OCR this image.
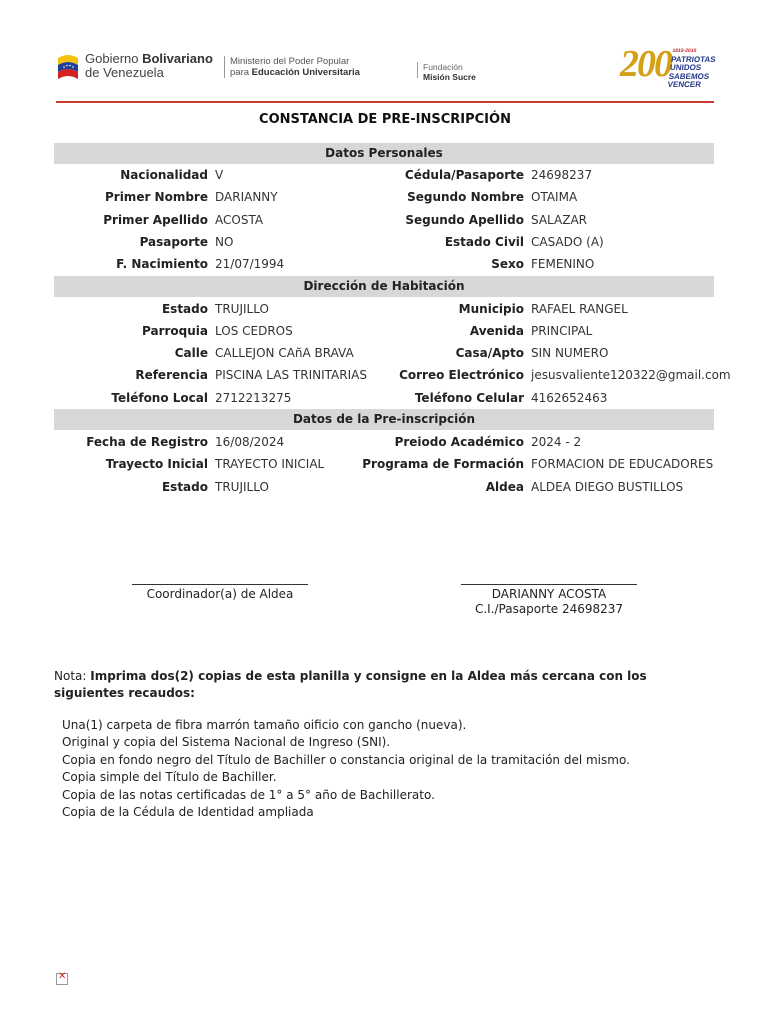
Gobierno Bolivariano
de Venezuela
Ministerio del Poder Popular
para Educación Universitaria	Fundación
Misión Sucre	200 1810-2010
PATRIOTAS UNIDOS
SABEMOS VENCER
CONSTANCIA DE PRE-INSCRIPCIÓN
Datos Personales
Nacionalidad V	Cédula/Pasaporte 24698237
Primer Nombre DARIANNY	Segundo Nombre OTAIMA
Primer Apellido ACOSTA	Segundo Apellido SALAZAR
Pasaporte NO	Estado Civil CASADO (A)
F. Nacimiento 21/07/1994	Sexo FEMENINO
Dirección de Habitación
Estado TRUJILLO	Municipio RAFAEL RANGEL
Parroquia LOS CEDROS	Avenida PRINCIPAL
Calle CALLEJON CAñA BRAVA	Casa/Apto SIN NUMERO
Referencia PISCINA LAS TRINITARIAS	Correo Electrónico jesusvaliente120322@gmail.com
Teléfono Local 2712213275	Teléfono Celular 4162652463
Datos de la Pre-inscripción
Fecha de Registro 16/08/2024	Preiodo Académico 2024 - 2
Trayecto Inicial TRAYECTO INICIAL	Programa de Formación FORMACION DE EDUCADORES
Estado TRUJILLO	Aldea ALDEA DIEGO BUSTILLOS
Coordinador(a) de Aldea	DARIANNY ACOSTA
C.I./Pasaporte 24698237
Nota: Imprima dos(2) copias de esta planilla y consigne en la Aldea más cercana con los siguientes recaudos:
Una(1) carpeta de fibra marrón tamaño oificio con gancho (nueva).
Original y copia del Sistema Nacional de Ingreso (SNI).
Copia en fondo negro del Título de Bachiller o constancia original de la tramitación del mismo.
Copia simple del Título de Bachiller.
Copia de las notas certificadas de 1° a 5° año de Bachillerato.
Copia de la Cédula de Identidad ampliada
✕
